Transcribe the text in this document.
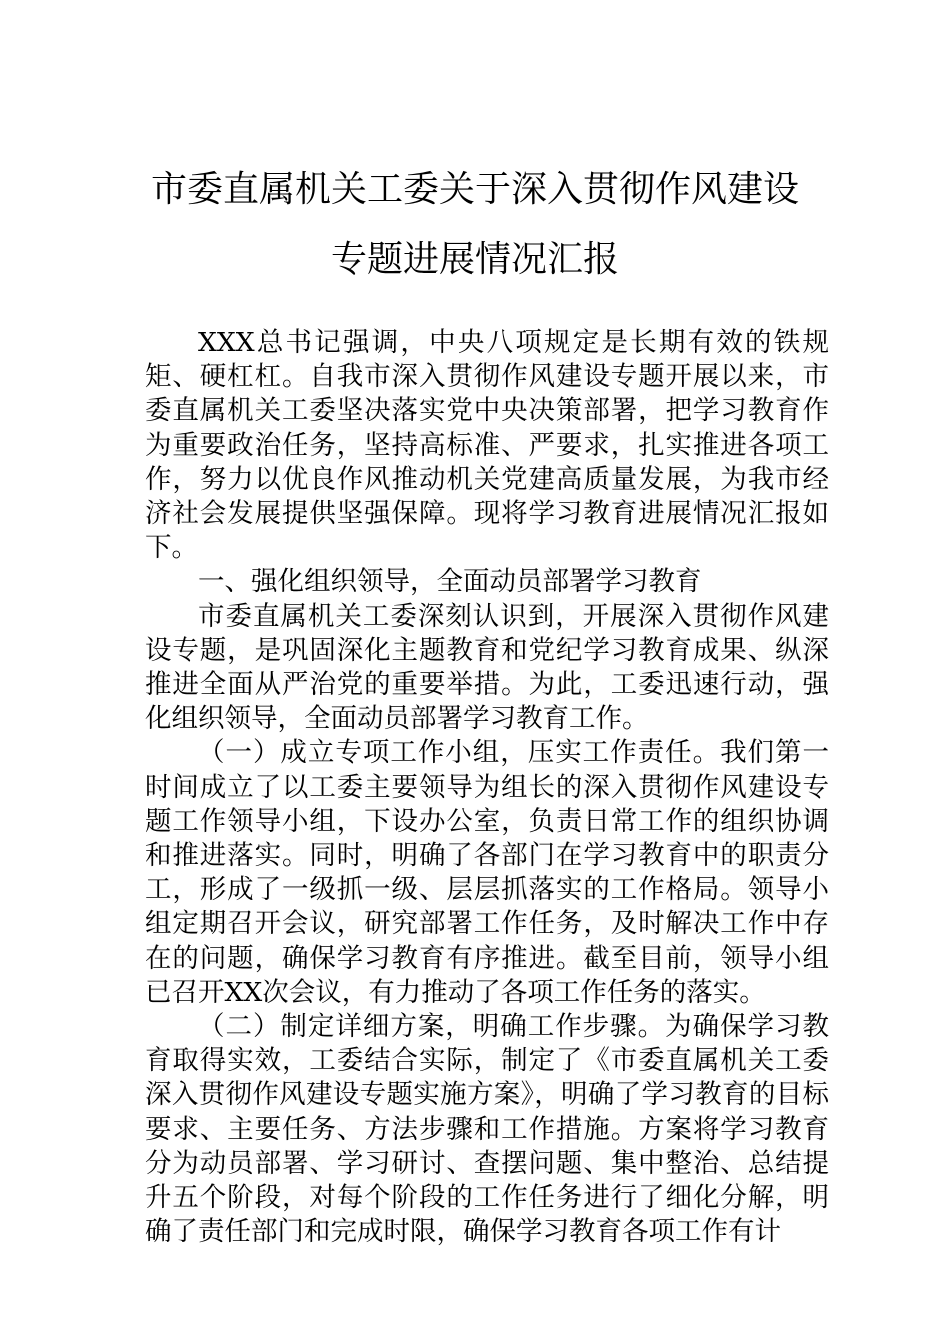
市委直属机关工委关于深入贯彻作风建设
专题进展情况汇报

XXX总书记强调，中央八项规定是长期有效的铁规矩、硬杠杠。自我市深入贯彻作风建设专题开展以来，市委直属机关工委坚决落实党中央决策部署，把学习教育作为重要政治任务，坚持高标准、严要求，扎实推进各项工作，努力以优良作风推动机关党建高质量发展，为我市经济社会发展提供坚强保障。现将学习教育进展情况汇报如下。

一、强化组织领导，全面动员部署学习教育

市委直属机关工委深刻认识到，开展深入贯彻作风建设专题，是巩固深化主题教育和党纪学习教育成果、纵深推进全面从严治党的重要举措。为此，工委迅速行动，强化组织领导，全面动员部署学习教育工作。

（一）成立专项工作小组，压实工作责任。我们第一时间成立了以工委主要领导为组长的深入贯彻作风建设专题工作领导小组，下设办公室，负责日常工作的组织协调和推进落实。同时，明确了各部门在学习教育中的职责分工，形成了一级抓一级、层层抓落实的工作格局。领导小组定期召开会议，研究部署工作任务，及时解决工作中存在的问题，确保学习教育有序推进。截至目前，领导小组已召开XX次会议，有力推动了各项工作任务的落实。

（二）制定详细方案，明确工作步骤。为确保学习教育取得实效，工委结合实际，制定了《市委直属机关工委深入贯彻作风建设专题实施方案》，明确了学习教育的目标要求、主要任务、方法步骤和工作措施。方案将学习教育分为动员部署、学习研讨、查摆问题、集中整治、总结提升五个阶段，对每个阶段的工作任务进行了细化分解，明确了责任部门和完成时限，确保学习教育各项工作有计
